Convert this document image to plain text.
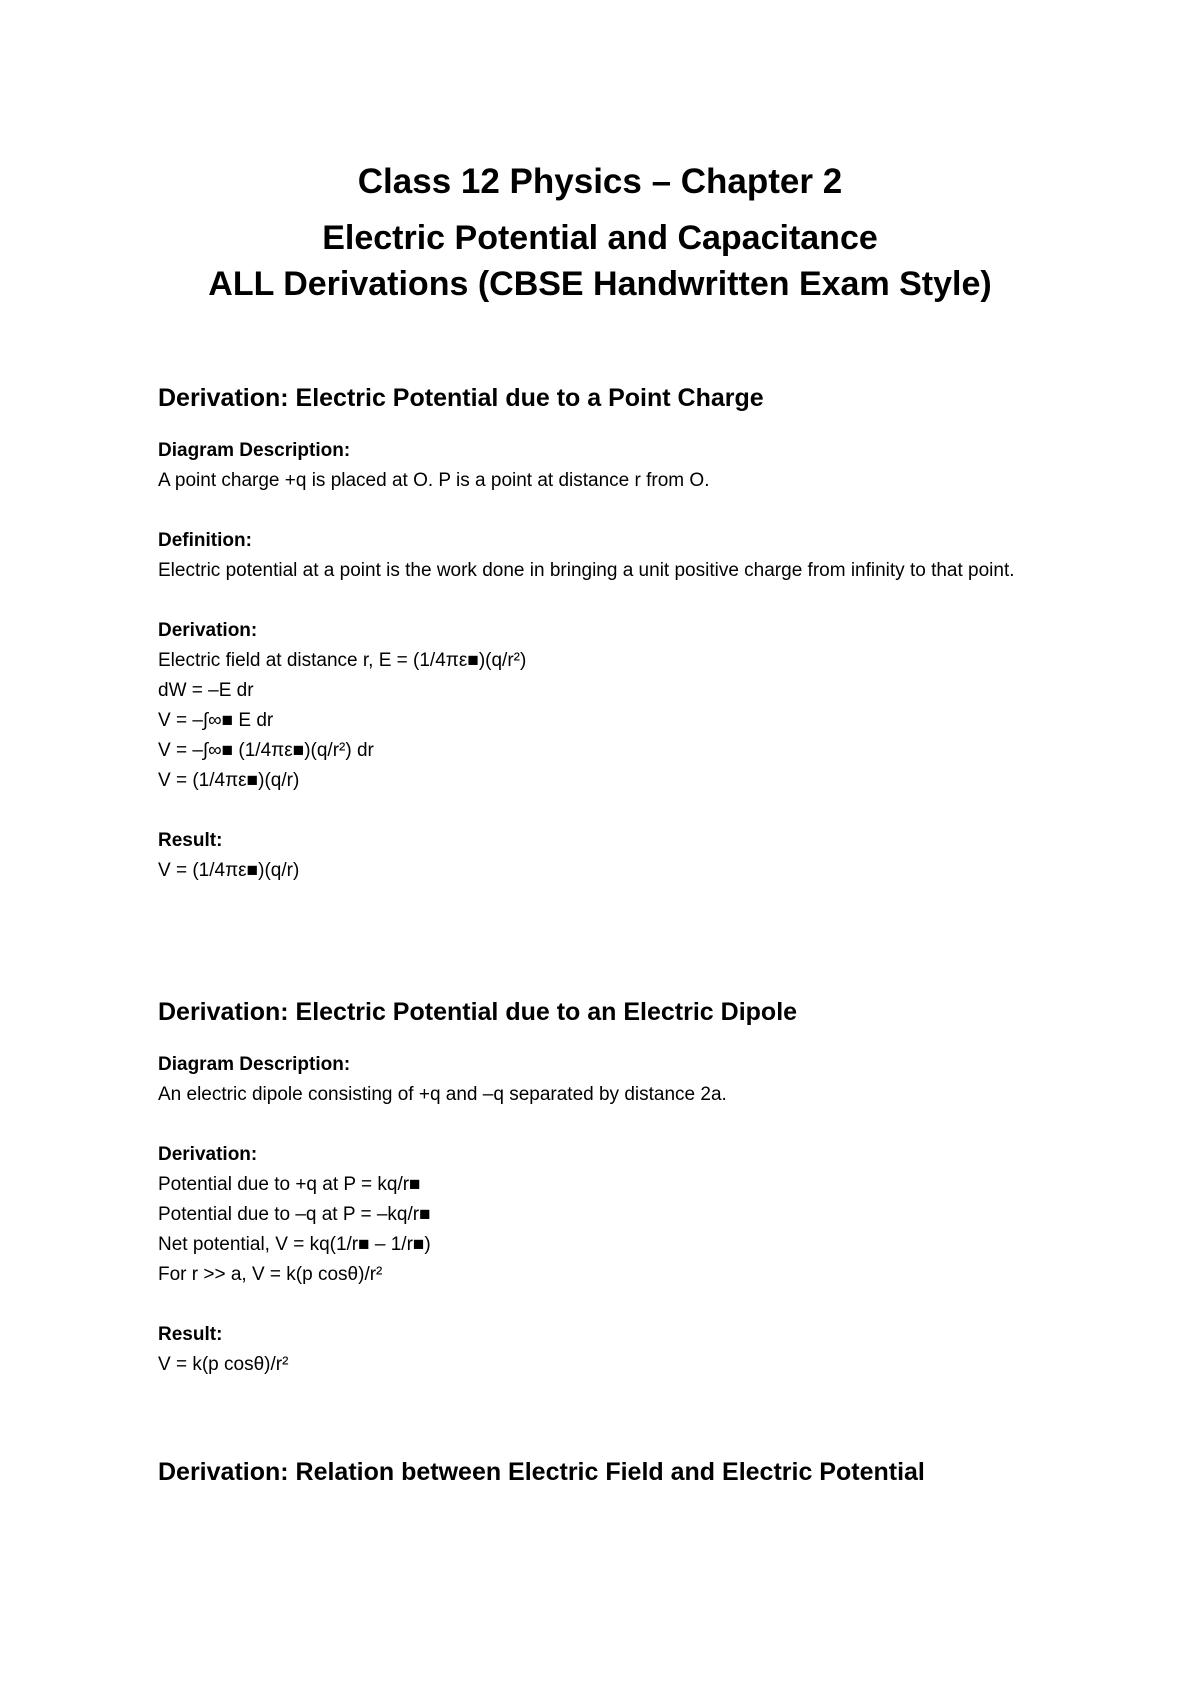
Class 12 Physics – Chapter 2
Electric Potential and Capacitance
ALL Derivations (CBSE Handwritten Exam Style)
Derivation: Electric Potential due to a Point Charge
Diagram Description:
A point charge +q is placed at O. P is a point at distance r from O.
Definition:
Electric potential at a point is the work done in bringing a unit positive charge from infinity to that point.
Derivation:
Electric field at distance r, E = (1/4πε■)(q/r²)
dW = –E dr
V = –∫∞■ E dr
V = –∫∞■ (1/4πε■)(q/r²) dr
V = (1/4πε■)(q/r)
Result:
V = (1/4πε■)(q/r)
Derivation: Electric Potential due to an Electric Dipole
Diagram Description:
An electric dipole consisting of +q and –q separated by distance 2a.
Derivation:
Potential due to +q at P = kq/r■
Potential due to –q at P = –kq/r■
Net potential, V = kq(1/r■ – 1/r■)
For r >> a, V = k(p cosθ)/r²
Result:
V = k(p cosθ)/r²
Derivation: Relation between Electric Field and Electric Potential
